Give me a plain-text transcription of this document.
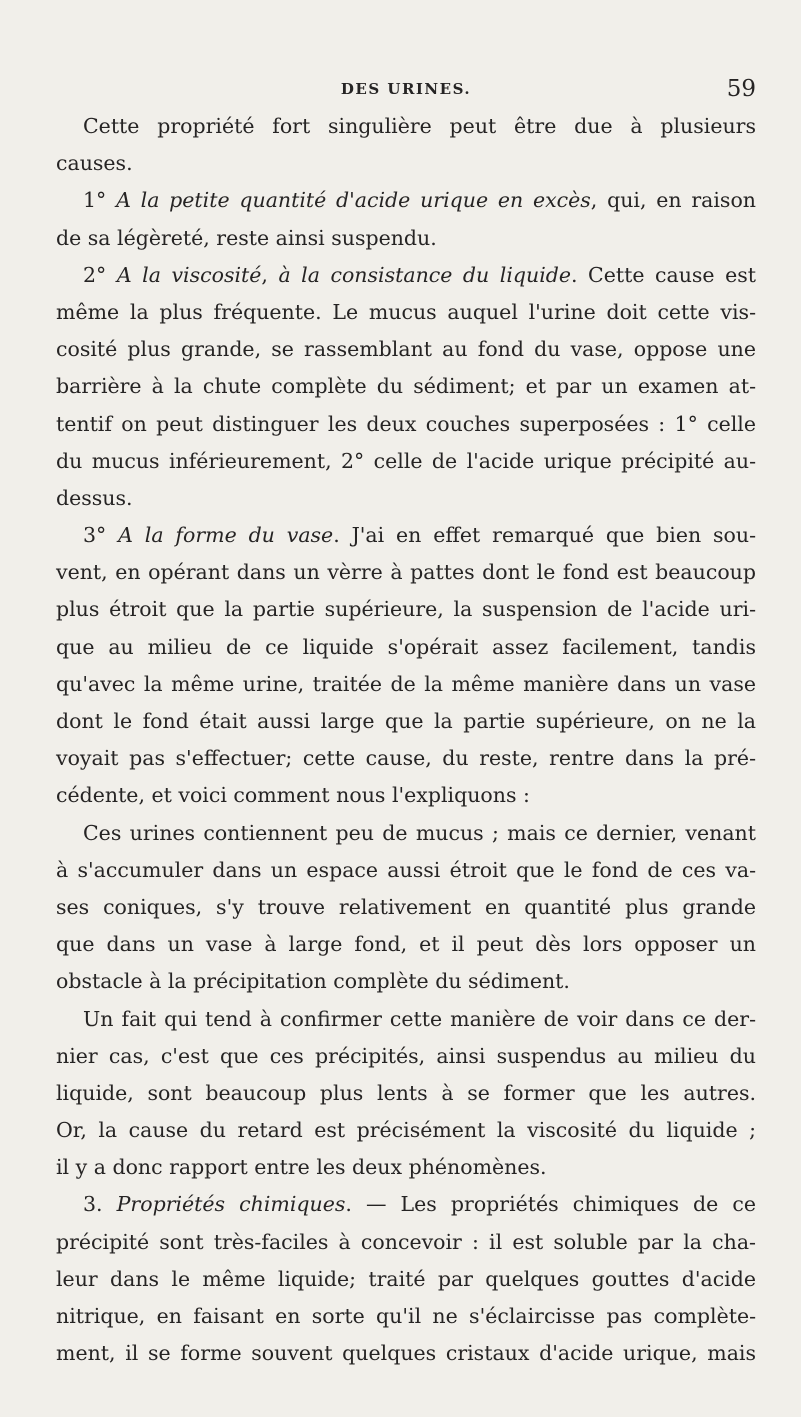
DES URINES.	59
Cette propriété fort singulière peut être due à plusieurs
causes.
1° A la petite quantité d'acide urique en excès, qui, en raison
de sa légèreté, reste ainsi suspendu.
2° A la viscosité, à la consistance du liquide. Cette cause est
même la plus fréquente. Le mucus auquel l'urine doit cette vis-
cosité plus grande, se rassemblant au fond du vase, oppose une
barrière à la chute complète du sédiment; et par un examen at-
tentif on peut distinguer les deux couches superposées : 1° celle
du mucus inférieurement, 2° celle de l'acide urique précipité au-
dessus.
3° A la forme du vase. J'ai en effet remarqué que bien sou-
vent, en opérant dans un vèrre à pattes dont le fond est beaucoup
plus étroit que la partie supérieure, la suspension de l'acide uri-
que au milieu de ce liquide s'opérait assez facilement, tandis
qu'avec la même urine, traitée de la même manière dans un vase
dont le fond était aussi large que la partie supérieure, on ne la
voyait pas s'effectuer; cette cause, du reste, rentre dans la pré-
cédente, et voici comment nous l'expliquons :
Ces urines contiennent peu de mucus ; mais ce dernier, venant
à s'accumuler dans un espace aussi étroit que le fond de ces va-
ses coniques, s'y trouve relativement en quantité plus grande
que dans un vase à large fond, et il peut dès lors opposer un
obstacle à la précipitation complète du sédiment.
Un fait qui tend à confirmer cette manière de voir dans ce der-
nier cas, c'est que ces précipités, ainsi suspendus au milieu du
liquide, sont beaucoup plus lents à se former que les autres.
Or, la cause du retard est précisément la viscosité du liquide ;
il y a donc rapport entre les deux phénomènes.
3. Propriétés chimiques. — Les propriétés chimiques de ce
précipité sont très-faciles à concevoir : il est soluble par la cha-
leur dans le même liquide; traité par quelques gouttes d'acide
nitrique, en faisant en sorte qu'il ne s'éclaircisse pas complète-
ment, il se forme souvent quelques cristaux d'acide urique, mais
